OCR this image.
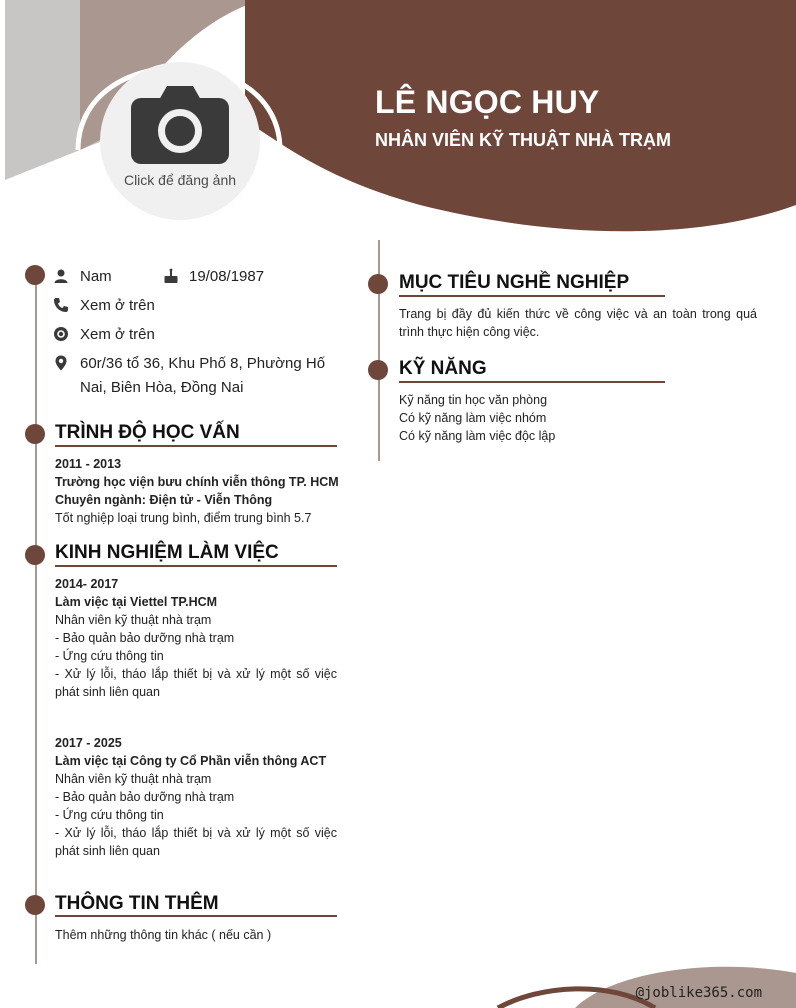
Click để đăng ảnh
LÊ NGỌC HUY
NHÂN VIÊN KỸ THUẬT NHÀ TRẠM
Nam	19/08/1987
Xem ở trên
Xem ở trên
60r/36 tổ 36, Khu Phố 8, Phường Hố
Nai, Biên Hòa, Đồng Nai
TRÌNH ĐỘ HỌC VẤN
2011 - 2013
Trường học viện bưu chính viễn thông TP. HCM
Chuyên ngành: Điện tử - Viễn Thông
Tốt nghiệp loại trung bình, điểm trung bình 5.7
KINH NGHIỆM LÀM VIỆC
2014- 2017
Làm việc tại Viettel TP.HCM
Nhân viên kỹ thuật nhà trạm
- Bảo quản bảo dưỡng nhà trạm
- Ứng cứu thông tin
- Xử lý lỗi, tháo lắp thiết bị và xử lý một số việc phát sinh liên quan
2017 - 2025
Làm việc tại Công ty Cổ Phần viễn thông ACT
Nhân viên kỹ thuật nhà trạm
- Bảo quản bảo dưỡng nhà trạm
- Ứng cứu thông tin
- Xử lý lỗi, tháo lắp thiết bị và xử lý một số việc phát sinh liên quan
THÔNG TIN THÊM
Thêm những thông tin khác ( nếu cần )
MỤC TIÊU NGHỀ NGHIỆP
Trang bị đầy đủ kiến thức về công việc và an toàn trong quá trình thực hiện công việc.
KỸ NĂNG
Kỹ năng tin học văn phòng
Có kỹ năng làm việc nhóm
Có kỹ năng làm việc độc lập
@joblike365.com
